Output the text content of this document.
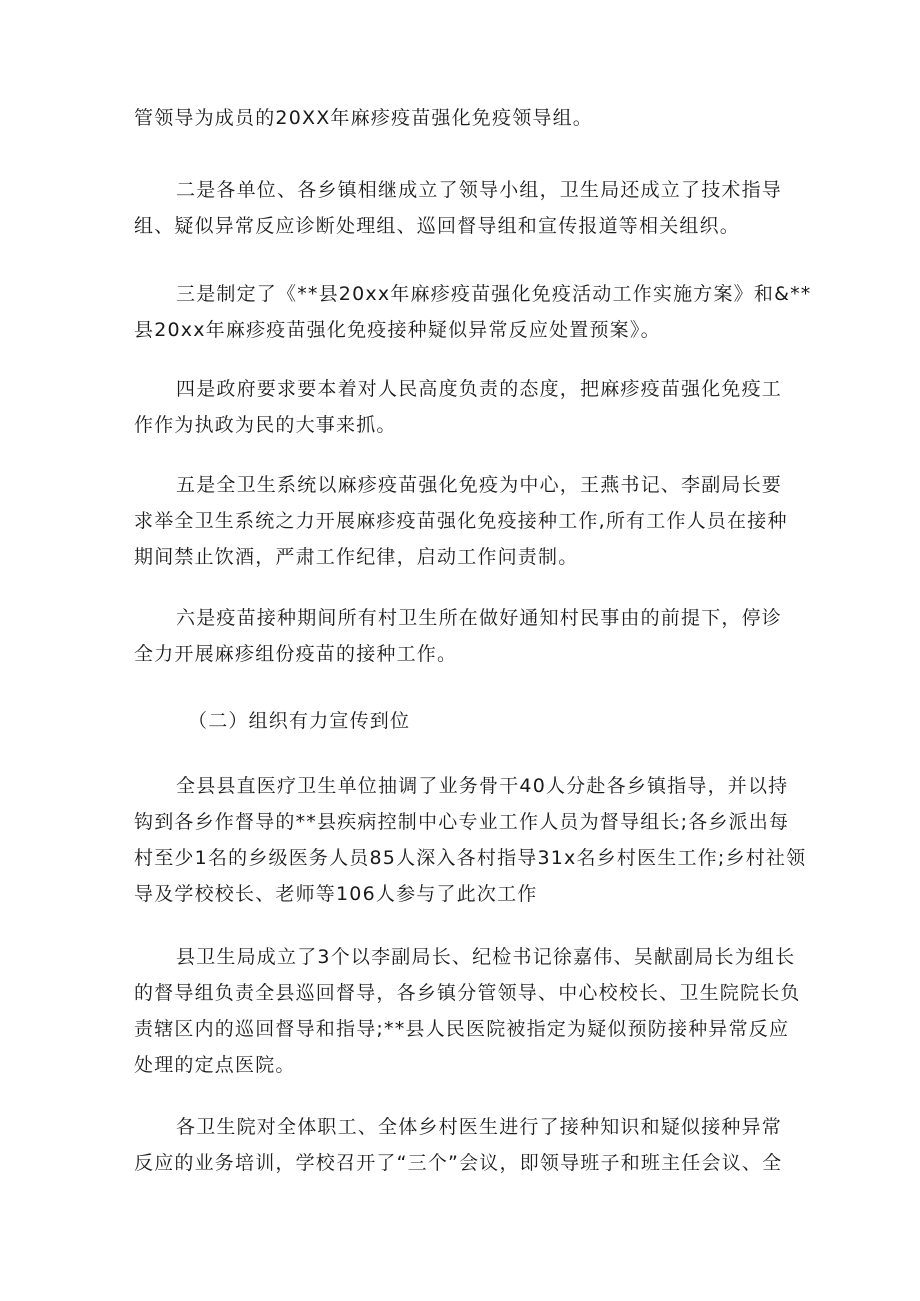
管领导为成员的20XX年麻疹疫苗强化免疫领导组。

二是各单位、各乡镇相继成立了领导小组，卫生局还成立了技术指导
组、疑似异常反应诊断处理组、巡回督导组和宣传报道等相关组织。

三是制定了《**县20xx年麻疹疫苗强化免疫活动工作实施方案》和&**
县20xx年麻疹疫苗强化免疫接种疑似异常反应处置预案》。

四是政府要求要本着对人民高度负责的态度，把麻疹疫苗强化免疫工
作作为执政为民的大事来抓。

五是全卫生系统以麻疹疫苗强化免疫为中心，王燕书记、李副局长要
求举全卫生系统之力开展麻疹疫苗强化免疫接种工作,所有工作人员在接种
期间禁止饮酒，严肃工作纪律，启动工作问责制。

六是疫苗接种期间所有村卫生所在做好通知村民事由的前提下，停诊
全力开展麻疹组份疫苗的接种工作。

（二）组织有力宣传到位

全县县直医疗卫生单位抽调了业务骨干40人分赴各乡镇指导，并以持
钩到各乡作督导的**县疾病控制中心专业工作人员为督导组长;各乡派出每
村至少1名的乡级医务人员85人深入各村指导31x名乡村医生工作;乡村社领
导及学校校长、老师等106人参与了此次工作

县卫生局成立了3个以李副局长、纪检书记徐嘉伟、吴献副局长为组长
的督导组负责全县巡回督导，各乡镇分管领导、中心校校长、卫生院院长负
责辖区内的巡回督导和指导;**县人民医院被指定为疑似预防接种异常反应
处理的定点医院。

各卫生院对全体职工、全体乡村医生进行了接种知识和疑似接种异常
反应的业务培训，学校召开了“三个”会议，即领导班子和班主任会议、全
